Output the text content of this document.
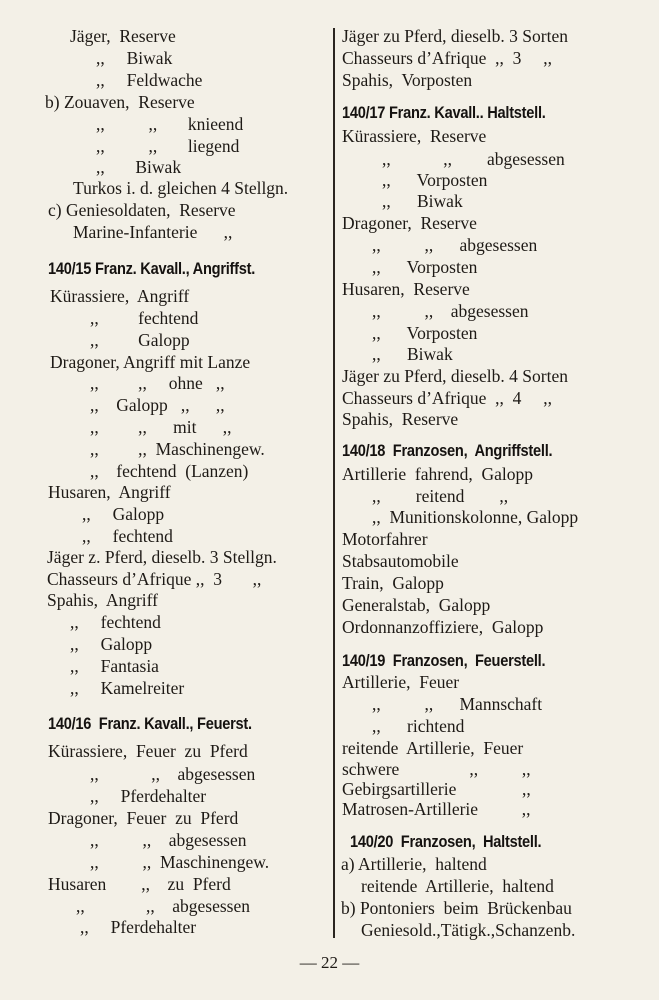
Jäger,  Reserve
,,     Biwak
,,     Feldwache
b) Zouaven,  Reserve
,,          ,,       knieend
,,          ,,       liegend
,,       Biwak
Turkos i. d. gleichen 4 Stellgn.
c) Geniesoldaten,  Reserve
Marine-Infanterie      ,,
140/15 Franz. Kavall., Angriffst.
Kürassiere,  Angriff
,,         fechtend
,,         Galopp
Dragoner, Angriff mit Lanze
,,         ,,     ohne   ,,
,,    Galopp   ,,      ,,
,,         ,,      mit      ,,
,,         ,,  Maschinengew.
,,    fechtend  (Lanzen)
Husaren,  Angriff
,,     Galopp
,,     fechtend
Jäger z. Pferd, dieselb. 3 Stellgn.
Chasseurs d’Afrique ,,  3       ,,
Spahis,  Angriff
,,     fechtend
,,     Galopp
,,     Fantasia
,,     Kamelreiter
140/16  Franz. Kavall., Feuerst.
Kürassiere,  Feuer  zu  Pferd
,,            ,,    abgesessen
,,     Pferdehalter
Dragoner,  Feuer  zu  Pferd
,,          ,,    abgesessen
,,          ,,  Maschinengew.
Husaren        ,,    zu  Pferd
,,              ,,    abgesessen
,,     Pferdehalter
Jäger zu Pferd, dieselb. 3 Sorten
Chasseurs d’Afrique  ,,  3     ,,
Spahis,  Vorposten
140/17 Franz. Kavall.. Haltstell.
Kürassiere,  Reserve
,,            ,,        abgesessen
,,      Vorposten
,,      Biwak
Dragoner,  Reserve
,,          ,,      abgesessen
,,      Vorposten
Husaren,  Reserve
,,          ,,    abgesessen
,,      Vorposten
,,      Biwak
Jäger zu Pferd, dieselb. 4 Sorten
Chasseurs d’Afrique  ,,  4     ,,
Spahis,  Reserve
140/18  Franzosen,  Angriffstell.
Artillerie  fahrend,  Galopp
,,        reitend        ,,
,,  Munitionskolonne, Galopp
Motorfahrer
Stabsautomobile
Train,  Galopp
Generalstab,  Galopp
Ordonnanzoffiziere,  Galopp
140/19  Franzosen,  Feuerstell.
Artillerie,  Feuer
,,          ,,      Mannschaft
,,      richtend
reitende  Artillerie,  Feuer
schwere                ,,          ,,
Gebirgsartillerie               ,,
Matrosen-Artillerie          ,,
140/20  Franzosen,  Haltstell.
a) Artillerie,  haltend
reitende  Artillerie,  haltend
b) Pontoniers  beim  Brückenbau
Geniesold.,Tätigk.,Schanzenb.
— 22 —
